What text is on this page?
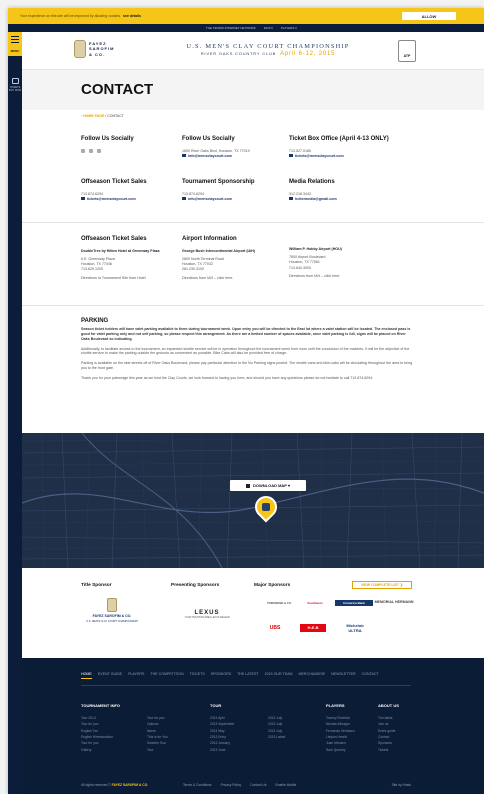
Your experience on this site will be improved by allowing cookies. see details	ALLOW
THE TENNIS INTERNET NETWORK	2015 ▾	PLAYERS ▾
MENU
TICKETS
BUY NOW
FAYEZ
SAROFIM
& CO.
U.S. MEN'S CLAY COURT CHAMPIONSHIP
RIVER OAKS COUNTRY CLUB April 6-12, 2015	ATP
CONTACT
› HOME PAGE / CONTACT
Follow Us Socially	Follow Us Socially
1600 River Oaks Blvd, Houston, TX 77019
info@mensclaycourt.com
Ticket Box Office (April 4-13 ONLY)
713.527.0185
tickets@mensclaycourt.com
Offseason Ticket Sales
713.874.6294
tickets@mensclaycourt.com
Tournament Sponsorship
713.874.6294
info@mensclaycourt.com
Media Relations
312.218.3442
hcttermedia@gmail.com
Offseason Ticket Sales
DoubleTree by Hilton Hotel at Greenway Plaza
6 E. Greenway Plaza
Houston, TX 77046
713.629.1200
Directions to Tournament Site from Hotel
Airport Information
George Bush Intercontinental Airport (IAH)
2800 North Terminal Road
Houston, TX 77032
281.230.3100
Directions from IAH – click here.
William P. Hobby Airport (HOU)
7800 Airport Boulevard
Houston, TX 77061
713.640.3000
Directions from IAH – click here.
PARKING

Season ticket holders will have valet parking available to them during tournament week. Upon entry you will be directed to the East lot where a valet station will be located. The enclosed pass is good for valet parking only and not self parking, so please respect this arrangement. As there are a limited number of spaces available, once valet parking is full, signs will be placed on River Oaks Boulevard so indicating.

Additionally, to facilitate access to the tournament, an expanded shuttle service will be in operation throughout the tournament week from noon until the conclusion of the matches. It will be the objective of the shuttle service to make the parking outside the grounds as convenient as possible. Bike Cabs will also be provided free of charge.

Parking is available on the side streets off of River Oaks Boulevard; please pay particular attention to the No Parking signs posted. The shuttle vans and bike-cabs will be circulating throughout the area to bring you to the front gate.

Thank you for your patronage this year as we host the Clay Courts, we look forward to having you here, and should you have any questions please do not hesitate to call 713.874.6294.

DOWNLOAD MAP ▾
Title Sponsor	Presenting Sponsors	Major Sponsors	VIEW COMPLETE LIST ❯
FAYEZ SAROFIM & CO.
U.S. MEN'S CLAY COURT CHAMPIONSHIP
LEXUS
YOUR HOUSTON AREA LEXUS DEALER
TOWNSEND & CO	Southwest	Comerica Bank	MEMORIAL HERMANN
UBS	H-E-B	Michelob ULTRA
HOME EVENT GUIDE PLAYERS THE COMPETITION TICKETS SPONSORS THE LATEST 2015 OUR TEAM MERCHANDISE NEWSLETTER CONTACT
TOURNAMENT INFO
Tour 2014
Tour for you
English Tou
English Himmamation
Tour for you
Gallery

Tour for you
Options
Name
This is for You
Sweden Tour
Tour
TOUR
2014 April
2013 September
2014 May
2013 Entry
2013 January
2013 June

2013 July
2013 July
2013 July
2013 Latest
PLAYERS
Tommy Robredo
Nicolas Almagro
Fernando Verdasco
Lleyton Hewitt
Juan Monaco
Sam Querrey
ABOUT US
The latest
Join us
Event guide
Contact
Sponsors
Tickets
All rights reserved © FAYEZ SAROFIM & CO.	Terms & Conditions	Privacy Policy	Contact Us	Enable Mobile	Site by Hosts
